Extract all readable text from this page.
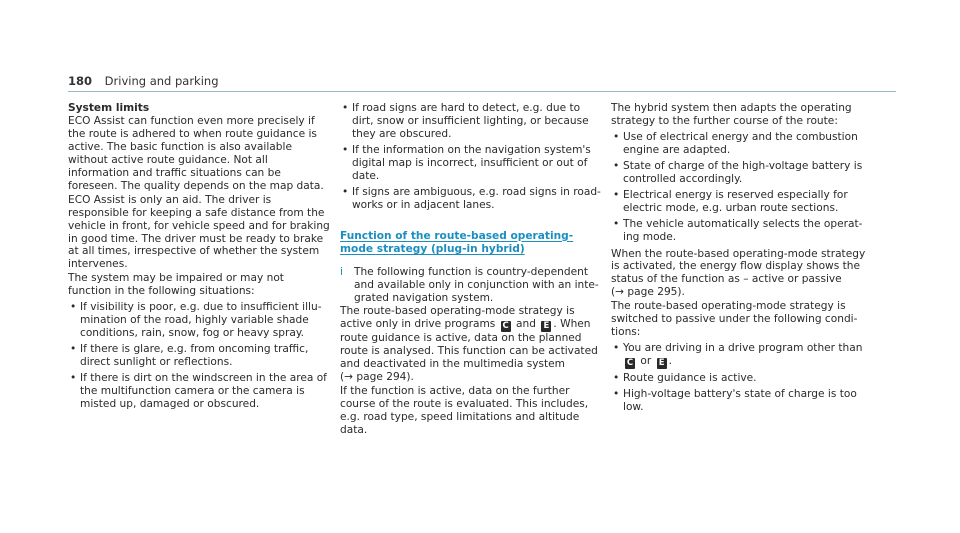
180 Driving and parking
System limits

ECO Assist can function even more precisely if the route is adhered to when route guidance is active. The basic function is also available without active route guidance. Not all information and traffic situations can be foreseen. The quality depends on the map data.

ECO Assist is only an aid. The driver is responsible for keeping a safe distance from the vehicle in front, for vehicle speed and for braking in good time. The driver must be ready to brake at all times, irrespective of whether the system intervenes.

The system may be impaired or may not function in the following situations:

• If visibility is poor, e.g. due to insufficient illumination of the road, highly variable shade conditions, rain, snow, fog or heavy spray.
• If there is glare, e.g. from oncoming traffic, direct sunlight or reflections.
• If there is dirt on the windscreen in the area of the multifunction camera or the camera is misted up, damaged or obscured.
• If road signs are hard to detect, e.g. due to dirt, snow or insufficient lighting, or because they are obscured.
• If the information on the navigation system's digital map is incorrect, insufficient or out of date.
• If signs are ambiguous, e.g. road signs in roadworks or in adjacent lanes.
Function of the route-based operating-mode strategy (plug-in hybrid)
i The following function is country-dependent and available only in conjunction with an integrated navigation system.

The route-based operating-mode strategy is active only in drive programs C and E . When route guidance is active, data on the planned route is analysed. This function can be activated and deactivated in the multimedia system
(→ page 294).

If the function is active, data on the further course of the route is evaluated. This includes, e.g. road type, speed limitations and altitude data.

The hybrid system then adapts the operating strategy to the further course of the route:

• Use of electrical energy and the combustion engine are adapted.
• State of charge of the high-voltage battery is controlled accordingly.
• Electrical energy is reserved especially for electric mode, e.g. urban route sections.
• The vehicle automatically selects the operating mode.

When the route-based operating-mode strategy is activated, the energy flow display shows the status of the function as – active or passive
(→ page 295).

The route-based operating-mode strategy is switched to passive under the following conditions:

• You are driving in a drive program other than C or E .
• Route guidance is active.
• High-voltage battery's state of charge is too low.
